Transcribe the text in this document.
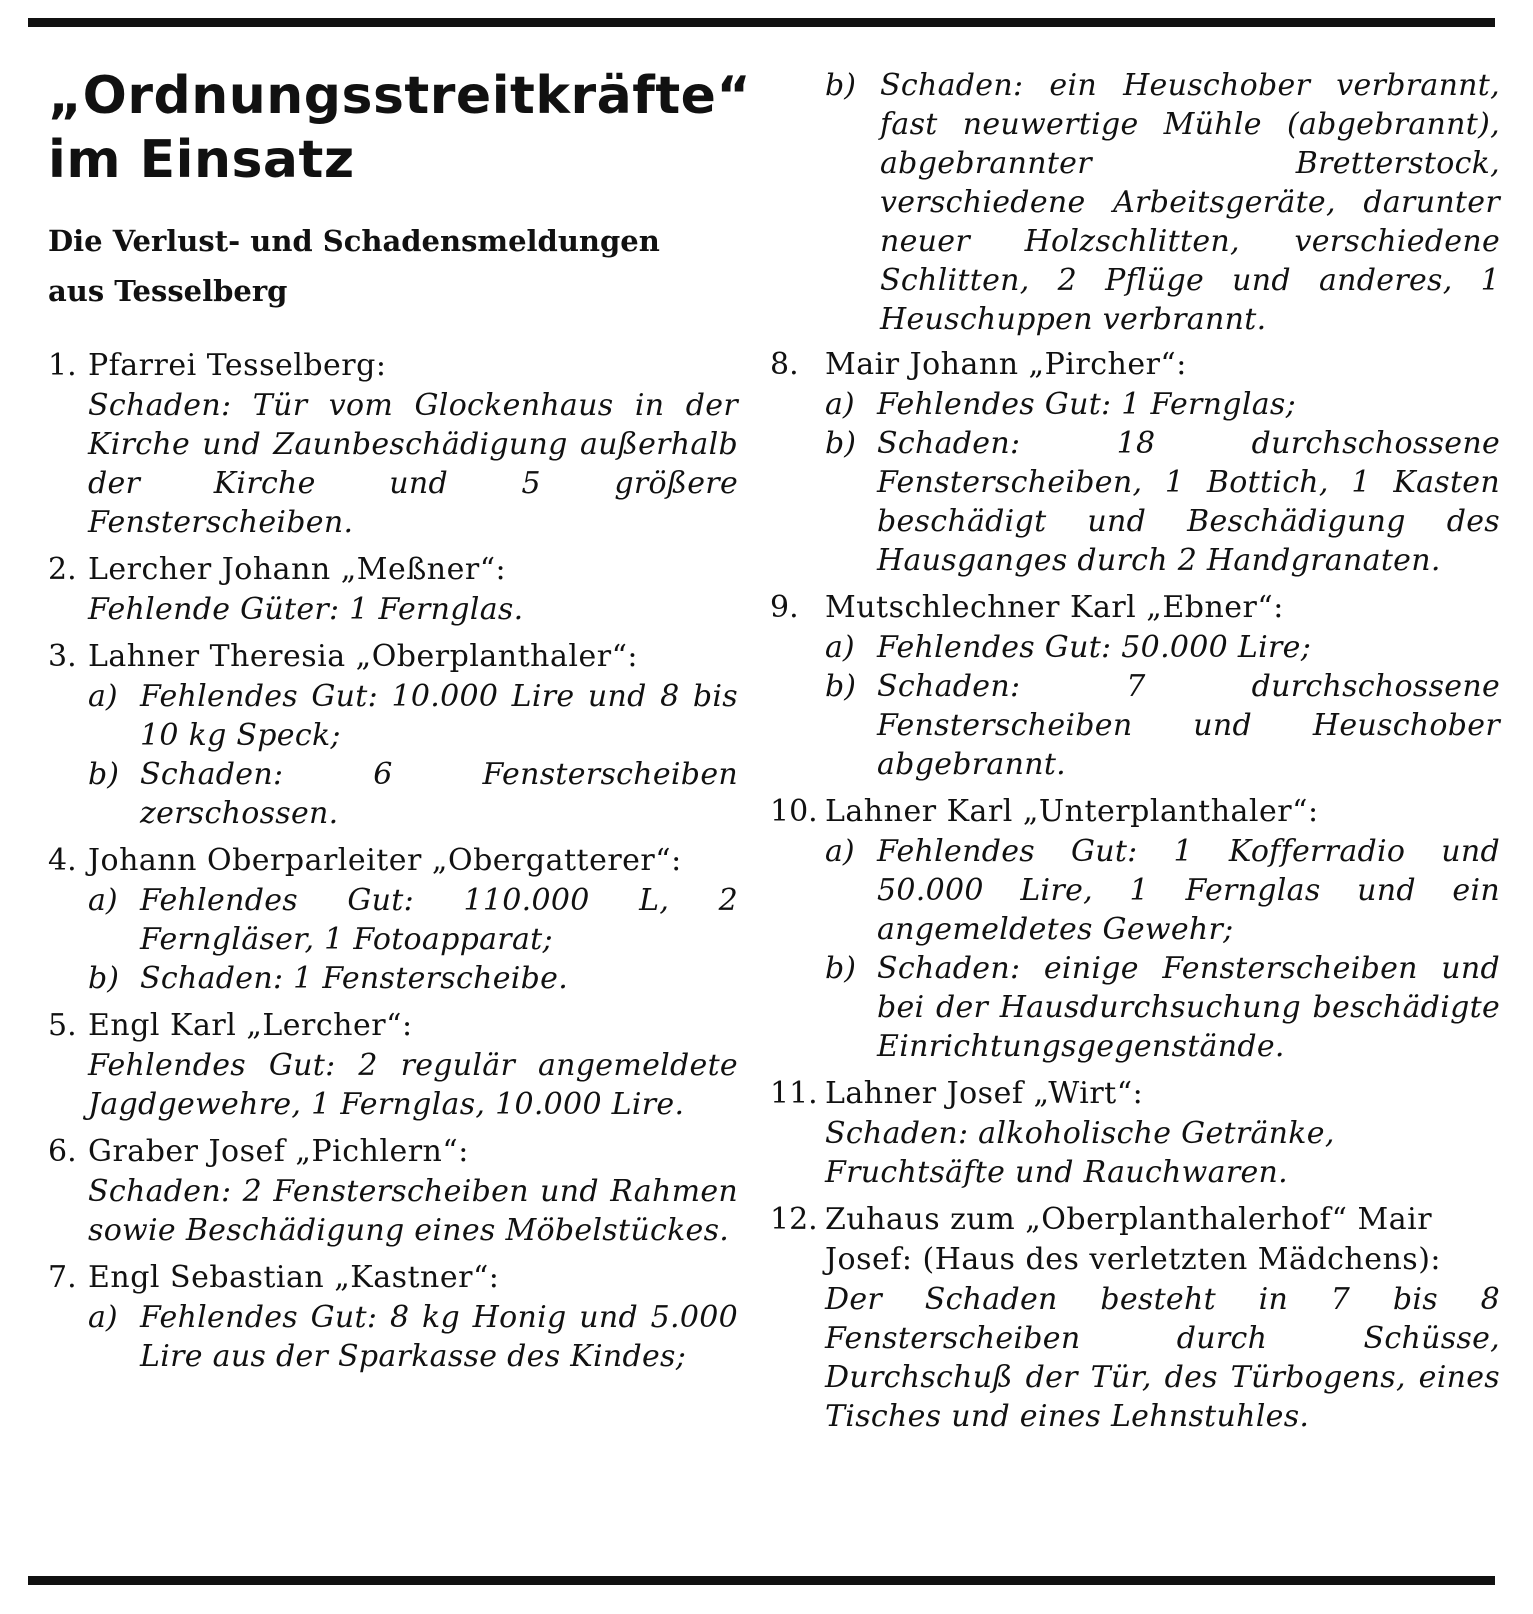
„Ordnungsstreitkräfte“
im Einsatz
Die Verlust- und Schadensmeldungen
aus Tesselberg
1. Pfarrei Tesselberg:
Schaden: Tür vom Glockenhaus in der Kirche und Zaunbeschädigung außerhalb der Kirche und 5 größere Fensterscheiben.
2. Lercher Johann „Meßner“:
Fehlende Güter: 1 Fernglas.
3. Lahner Theresia „Oberplanthaler“:
a) Fehlendes Gut: 10.000 Lire und 8 bis 10 kg Speck;
b) Schaden: 6 Fensterscheiben zerschossen.
4. Johann Oberparleiter „Obergatterer“:
a) Fehlendes Gut: 110.000 L, 2 Ferngläser, 1 Fotoapparat;
b) Schaden: 1 Fensterscheibe.
5. Engl Karl „Lercher“:
Fehlendes Gut: 2 regulär angemeldete Jagdgewehre, 1 Fernglas, 10.000 Lire.
6. Graber Josef „Pichlern“:
Schaden: 2 Fensterscheiben und Rahmen sowie Beschädigung eines Möbelstückes.
7. Engl Sebastian „Kastner“:
a) Fehlendes Gut: 8 kg Honig und 5.000 Lire aus der Sparkasse des Kindes;
b) Schaden: ein Heuschober verbrannt, fast neuwertige Mühle (abgebrannt), abgebrannter Bretterstock, verschiedene Arbeitsgeräte, darunter neuer Holzschlitten, verschiedene Schlitten, 2 Pflüge und anderes, 1 Heuschuppen verbrannt.
8. Mair Johann „Pircher“:
a) Fehlendes Gut: 1 Fernglas;
b) Schaden: 18 durchschossene Fensterscheiben, 1 Bottich, 1 Kasten beschädigt und Beschädigung des Hausganges durch 2 Handgranaten.
9. Mutschlechner Karl „Ebner“:
a) Fehlendes Gut: 50.000 Lire;
b) Schaden: 7 durchschossene Fensterscheiben und Heuschober abgebrannt.
10. Lahner Karl „Unterplanthaler“:
a) Fehlendes Gut: 1 Kofferradio und 50.000 Lire, 1 Fernglas und ein angemeldetes Gewehr;
b) Schaden: einige Fensterscheiben und bei der Hausdurchsuchung beschädigte Einrichtungsgegenstände.
11. Lahner Josef „Wirt“:
Schaden: alkoholische Getränke, Fruchtsäfte und Rauchwaren.
12. Zuhaus zum „Oberplanthalerhof“ Mair Josef: (Haus des verletzten Mädchens):
Der Schaden besteht in 7 bis 8 Fensterscheiben durch Schüsse, Durchschuß der Tür, des Türbogens, eines Tisches und eines Lehnstuhles.
